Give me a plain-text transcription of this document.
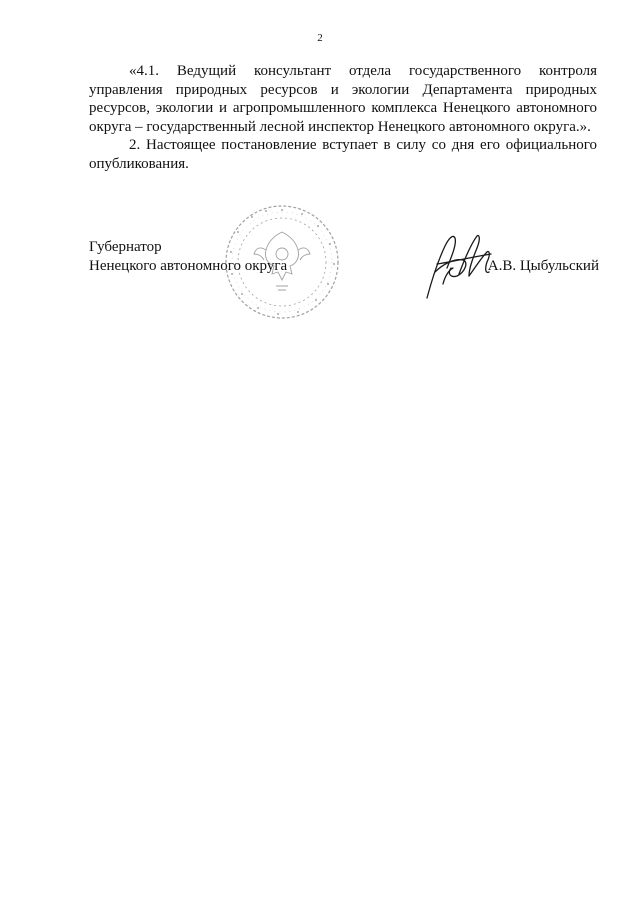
2

«4.1. Ведущий консультант отдела государственного контроля управления природных ресурсов и экологии Департамента природных ресурсов, экологии и агропромышленного комплекса Ненецкого автономного округа – государственный лесной инспектор Ненецкого автономного округа.».

2. Настоящее постановление вступает в силу со дня его официального опубликования.

Губернатор
Ненецкого автономного округа	А.В. Цыбульский
